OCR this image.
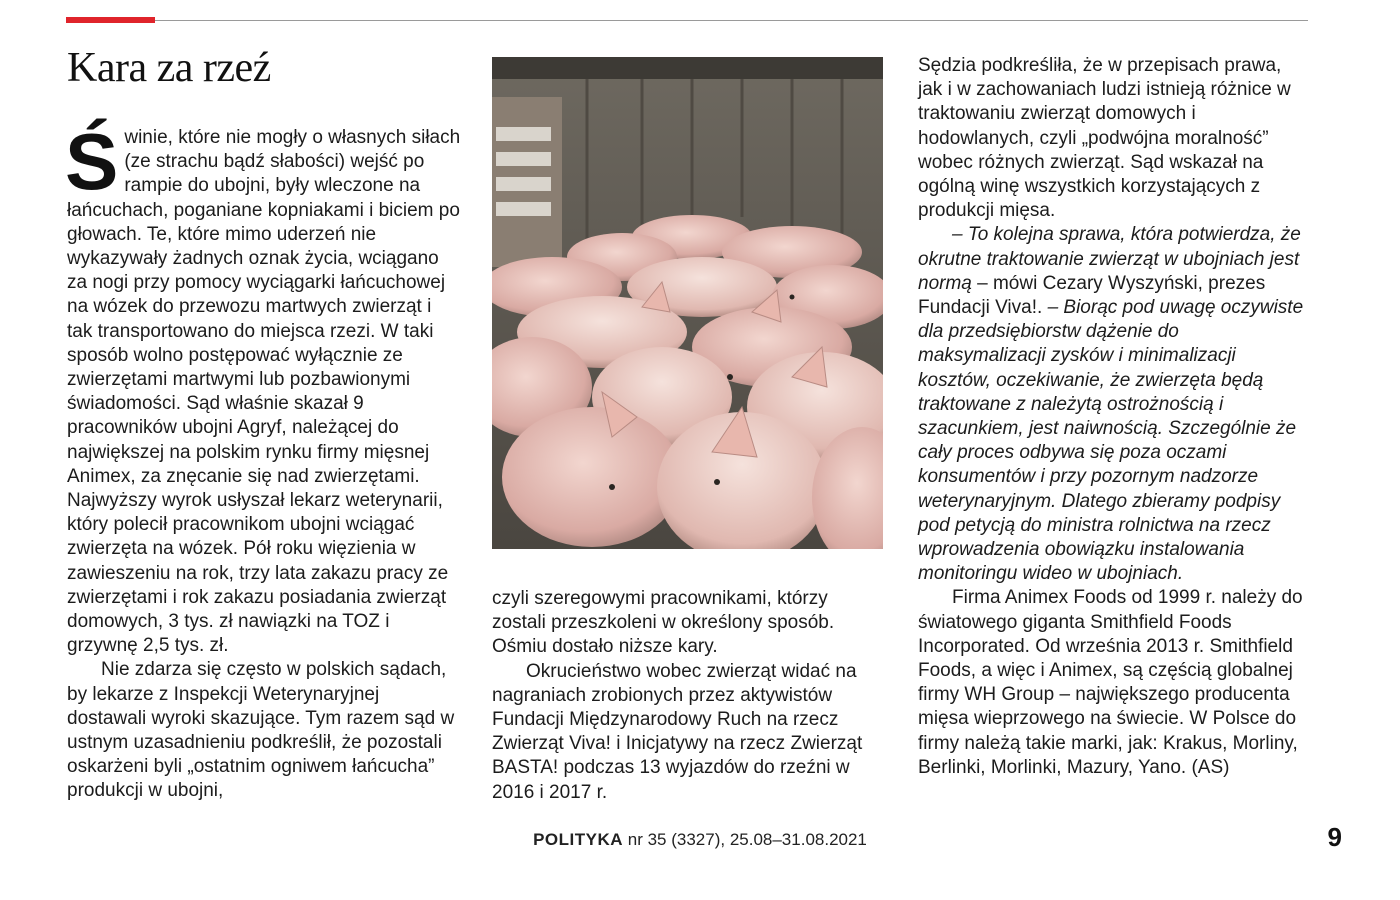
Kara za rzeź

Świnie, które nie mogły o własnych siłach (ze strachu bądź słabości) wejść po rampie do ubojni, były wleczone na łańcuchach, poganiane kopniakami i biciem po głowach. Te, które mimo uderzeń nie wykazywały żadnych oznak życia, wciągano za nogi przy pomocy wyciągarki łańcuchowej na wózek do przewozu martwych zwierząt i tak transportowano do miejsca rzezi. W taki sposób wolno postępować wyłącznie ze zwierzętami martwymi lub pozbawionymi świadomości. Sąd właśnie skazał 9 pracowników ubojni Agryf, należącej do największej na polskim rynku firmy mięsnej Animex, za znęcanie się nad zwierzętami. Najwyższy wyrok usłyszał lekarz weterynarii, który polecił pracownikom ubojni wciągać zwierzęta na wózek. Pół roku więzienia w zawieszeniu na rok, trzy lata zakazu pracy ze zwierzętami i rok zakazu posiadania zwierząt domowych, 3 tys. zł nawiązki na TOZ i grzywnę 2,5 tys. zł.

Nie zdarza się często w polskich sądach, by lekarze z Inspekcji Weterynaryjnej dostawali wyroki skazujące. Tym razem sąd w ustnym uzasadnieniu podkreślił, że pozostali oskarżeni byli „ostatnim ogniwem łańcucha” produkcji w ubojni,

czyli szeregowymi pracownikami, którzy zostali przeszkoleni w określony sposób. Ośmiu dostało niższe kary.

Okrucieństwo wobec zwierząt widać na nagraniach zrobionych przez aktywistów Fundacji Międzynarodowy Ruch na rzecz Zwierząt Viva! i Inicjatywy na rzecz Zwierząt BASTA! podczas 13 wyjazdów do rzeźni w 2016 i 2017 r.

Sędzia podkreśliła, że w przepisach prawa, jak i w zachowaniach ludzi istnieją różnice w traktowaniu zwierząt domowych i hodowlanych, czyli „podwójna moralność” wobec różnych zwierząt. Sąd wskazał na ogólną winę wszystkich korzystających z produkcji mięsa.

– To kolejna sprawa, która potwierdza, że okrutne traktowanie zwierząt w ubojniach jest normą – mówi Cezary Wyszyński, prezes Fundacji Viva!. – Biorąc pod uwagę oczywiste dla przedsiębiorstw dążenie do maksymalizacji zysków i minimalizacji kosztów, oczekiwanie, że zwierzęta będą traktowane z należytą ostrożnością i szacunkiem, jest naiwnością. Szczególnie że cały proces odbywa się poza oczami konsumentów i przy pozornym nadzorze weterynaryjnym. Dlatego zbieramy podpisy pod petycją do ministra rolnictwa na rzecz wprowadzenia obowiązku instalowania monitoringu wideo w ubojniach.

Firma Animex Foods od 1999 r. należy do światowego giganta Smithfield Foods Incorporated. Od września 2013 r. Smithfield Foods, a więc i Animex, są częścią globalnej firmy WH Group – największego producenta mięsa wieprzowego na świecie. W Polsce do firmy należą takie marki, jak: Krakus, Morliny, Berlinki, Morlinki, Mazury, Yano. (AS)

POLITYKA nr 35 (3327), 25.08–31.08.2021	9
